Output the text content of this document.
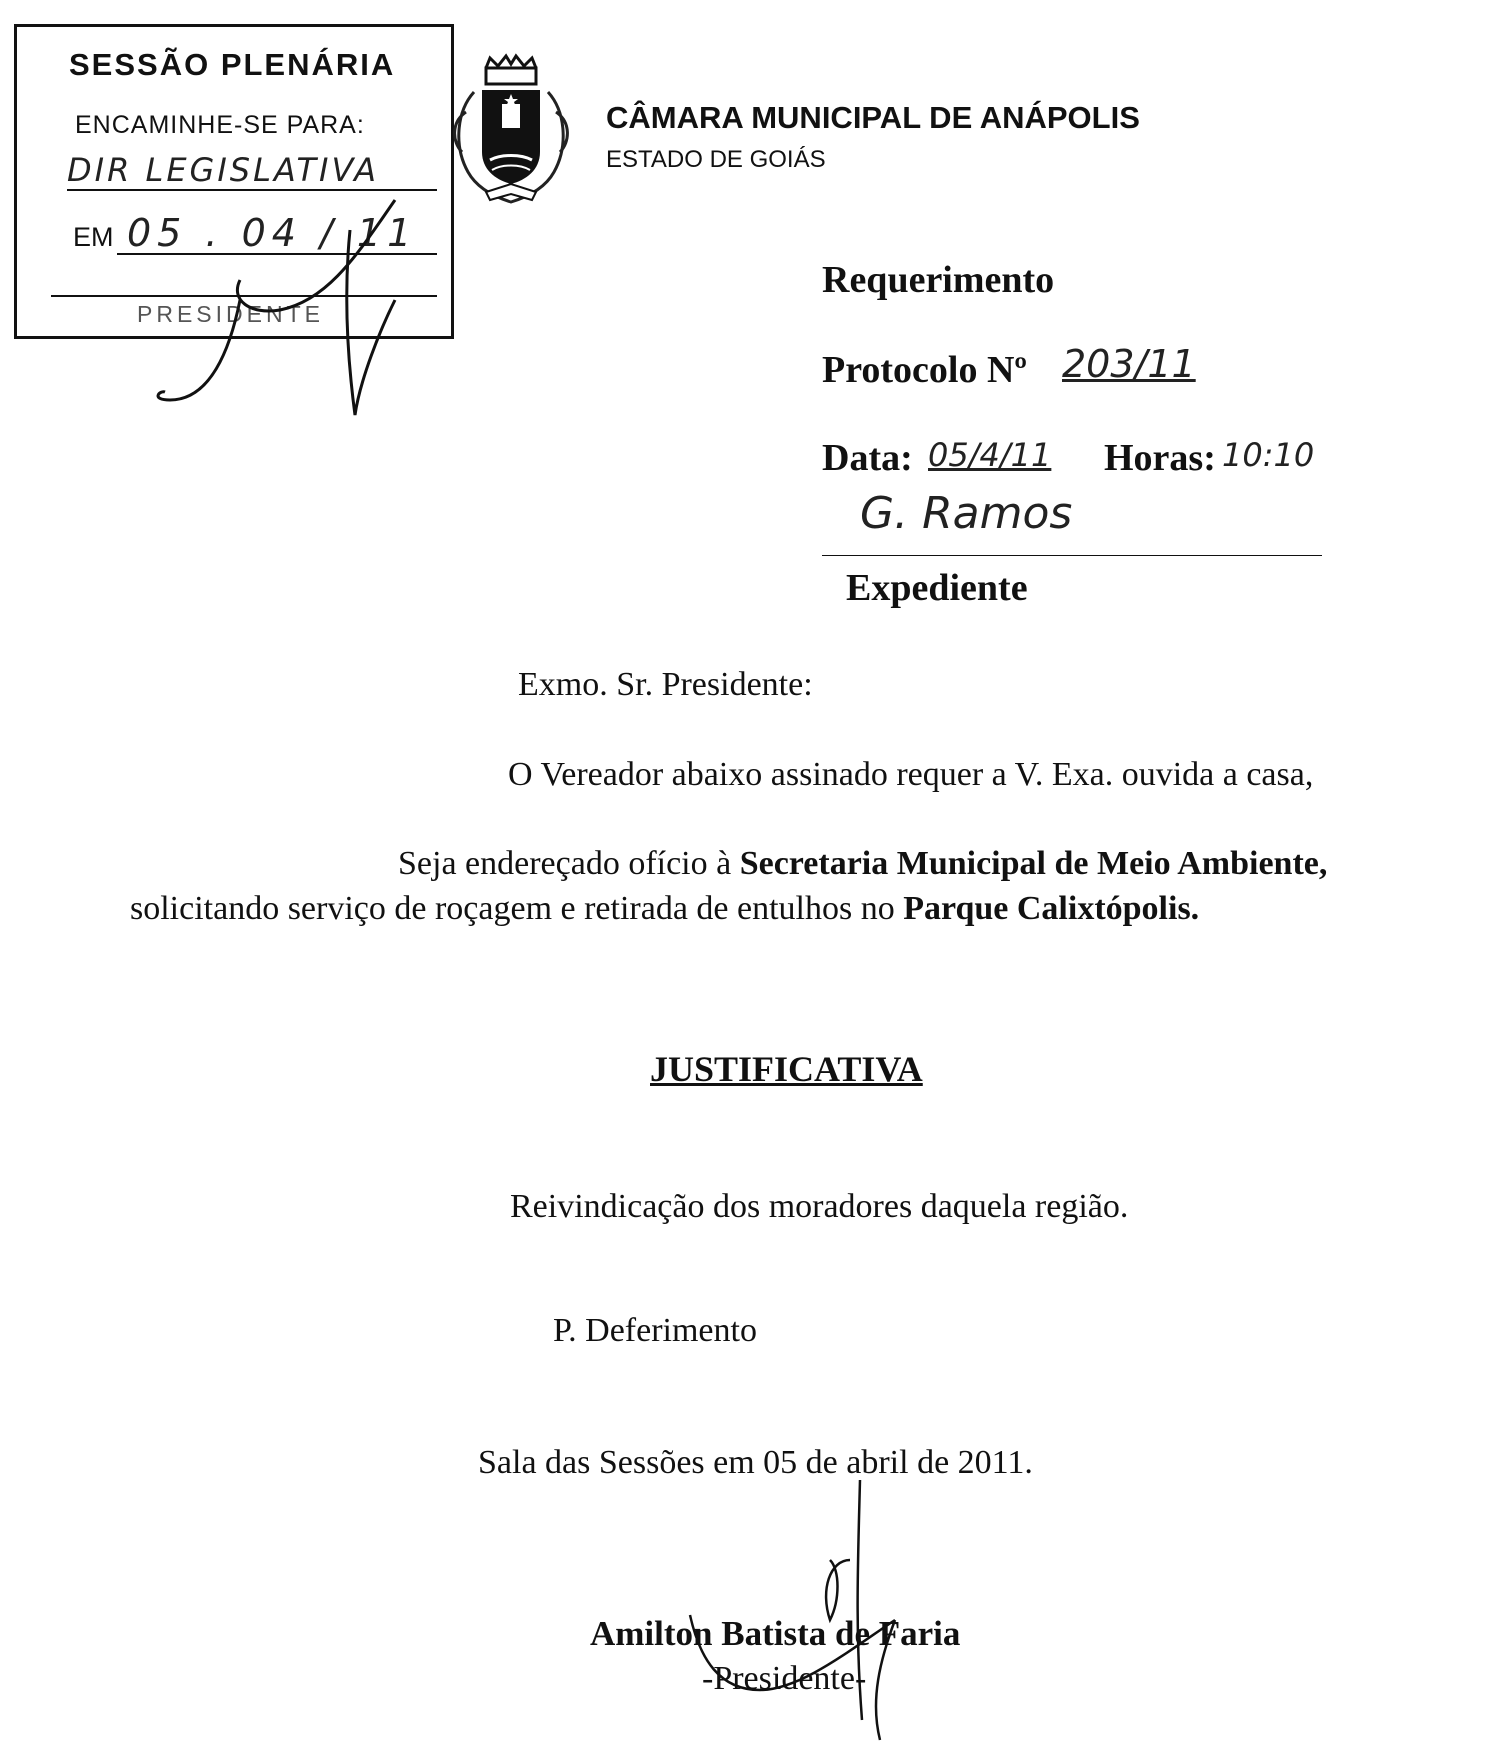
SESSÃO PLENÁRIA
ENCAMINHE-SE PARA:
DIR LEGISLATIVA
EM 05 . 04 / 11
PRESIDENTE
CÂMARA MUNICIPAL DE ANÁPOLIS
ESTADO DE GOIÁS
Requerimento
Protocolo Nº 203/11
Data: 05/4/11 Horas: 10:10
G. Ramos
Expediente
Exmo. Sr. Presidente:
O Vereador abaixo assinado requer a V. Exa. ouvida a casa,
Seja endereçado ofício à Secretaria Municipal de Meio Ambiente,
solicitando serviço de roçagem e retirada de entulhos no Parque Calixtópolis.
JUSTIFICATIVA
Reivindicação dos moradores daquela região.
P. Deferimento
Sala das Sessões em 05 de abril de 2011.
Amilton Batista de Faria
-Presidente-
